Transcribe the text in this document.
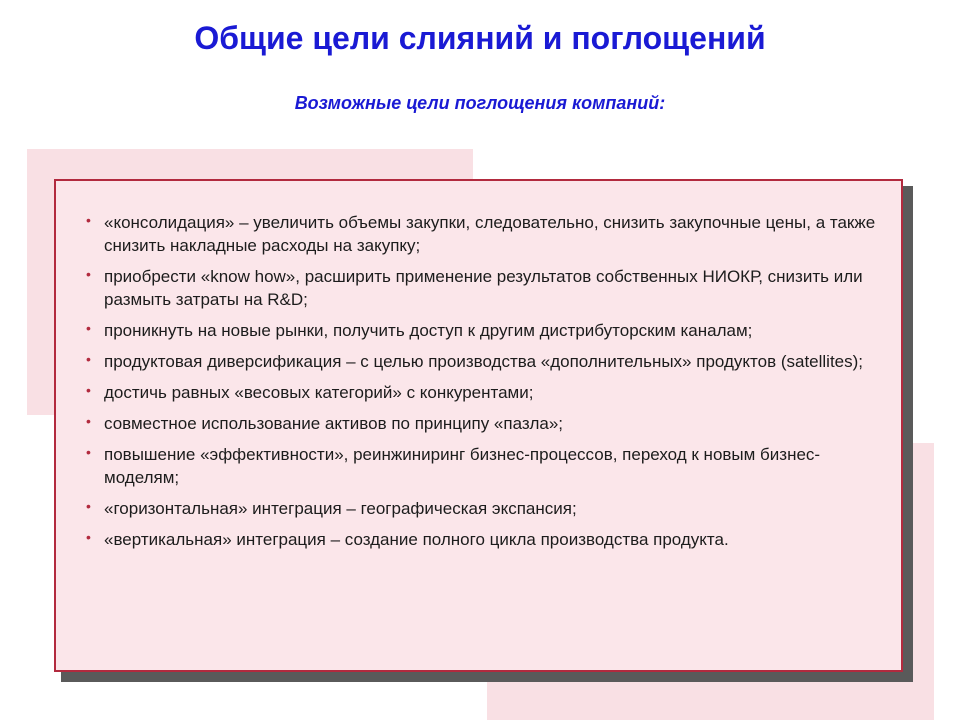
Общие цели слияний и поглощений
Возможные цели поглощения компаний:
• «консолидация» – увеличить объемы закупки, следовательно, снизить закупочные цены, а также снизить накладные расходы на закупку;
• приобрести «know how», расширить применение результатов собственных НИОКР, снизить или размыть затраты на R&D;
• проникнуть на новые рынки, получить доступ к другим дистрибуторским каналам;
• продуктовая диверсификация – с целью производства «дополнительных» продуктов (satellites);
• достичь равных «весовых категорий» с конкурентами;
• совместное использование активов по принципу «пазла»;
• повышение «эффективности», реинжиниринг бизнес-процессов, переход к новым бизнес-моделям;
• «горизонтальная» интеграция – географическая экспансия;
• «вертикальная» интеграция – создание полного цикла производства продукта.
